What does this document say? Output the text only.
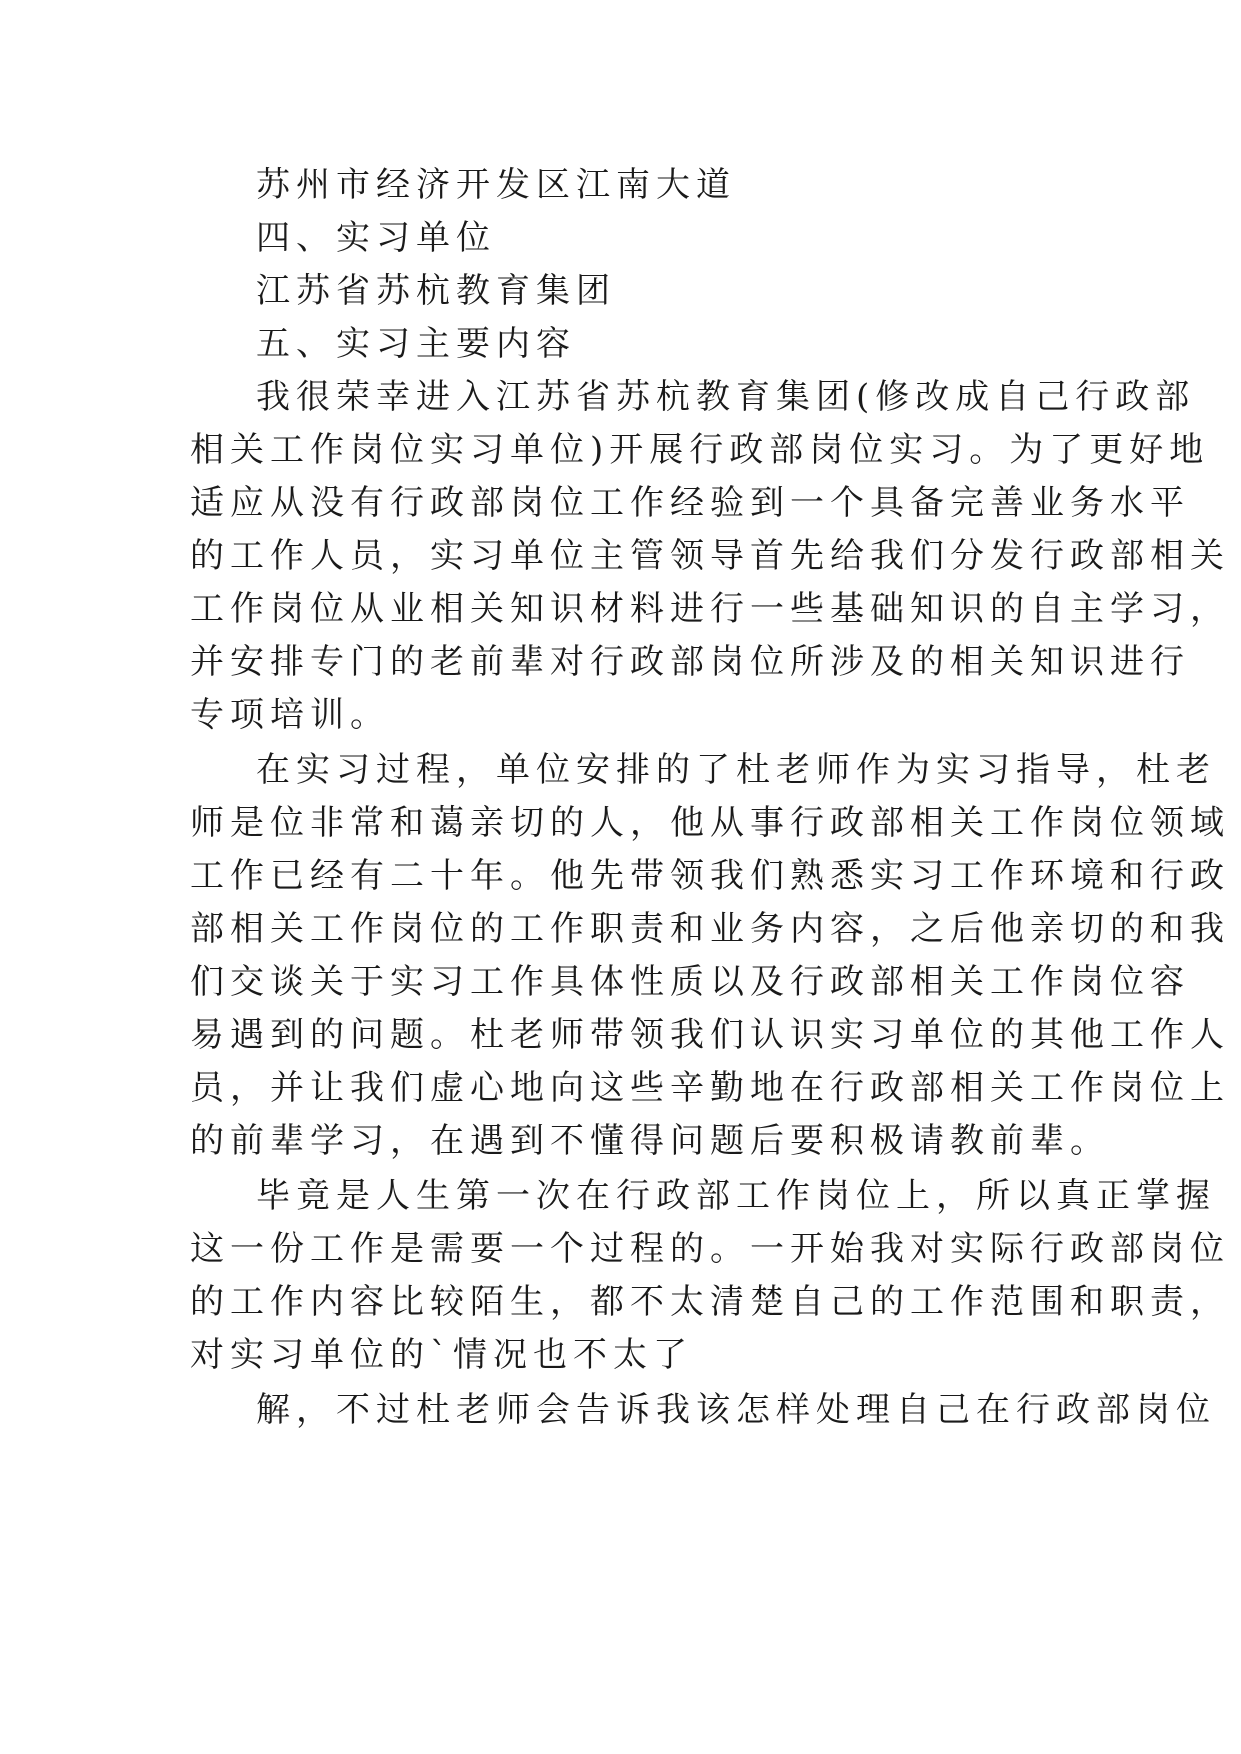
苏州市经济开发区江南大道
四、实习单位
江苏省苏杭教育集团
五、实习主要内容
我很荣幸进入江苏省苏杭教育集团(修改成自己行政部
相关工作岗位实习单位)开展行政部岗位实习。为了更好地
适应从没有行政部岗位工作经验到一个具备完善业务水平
的工作人员，实习单位主管领导首先给我们分发行政部相关
工作岗位从业相关知识材料进行一些基础知识的自主学习，
并安排专门的老前辈对行政部岗位所涉及的相关知识进行
专项培训。
在实习过程，单位安排的了杜老师作为实习指导，杜老
师是位非常和蔼亲切的人，他从事行政部相关工作岗位领域
工作已经有二十年。他先带领我们熟悉实习工作环境和行政
部相关工作岗位的工作职责和业务内容，之后他亲切的和我
们交谈关于实习工作具体性质以及行政部相关工作岗位容
易遇到的问题。杜老师带领我们认识实习单位的其他工作人
员，并让我们虚心地向这些辛勤地在行政部相关工作岗位上
的前辈学习，在遇到不懂得问题后要积极请教前辈。
毕竟是人生第一次在行政部工作岗位上，所以真正掌握
这一份工作是需要一个过程的。一开始我对实际行政部岗位
的工作内容比较陌生，都不太清楚自己的工作范围和职责，
对实习单位的`情况也不太了
解，不过杜老师会告诉我该怎样处理自己在行政部岗位
